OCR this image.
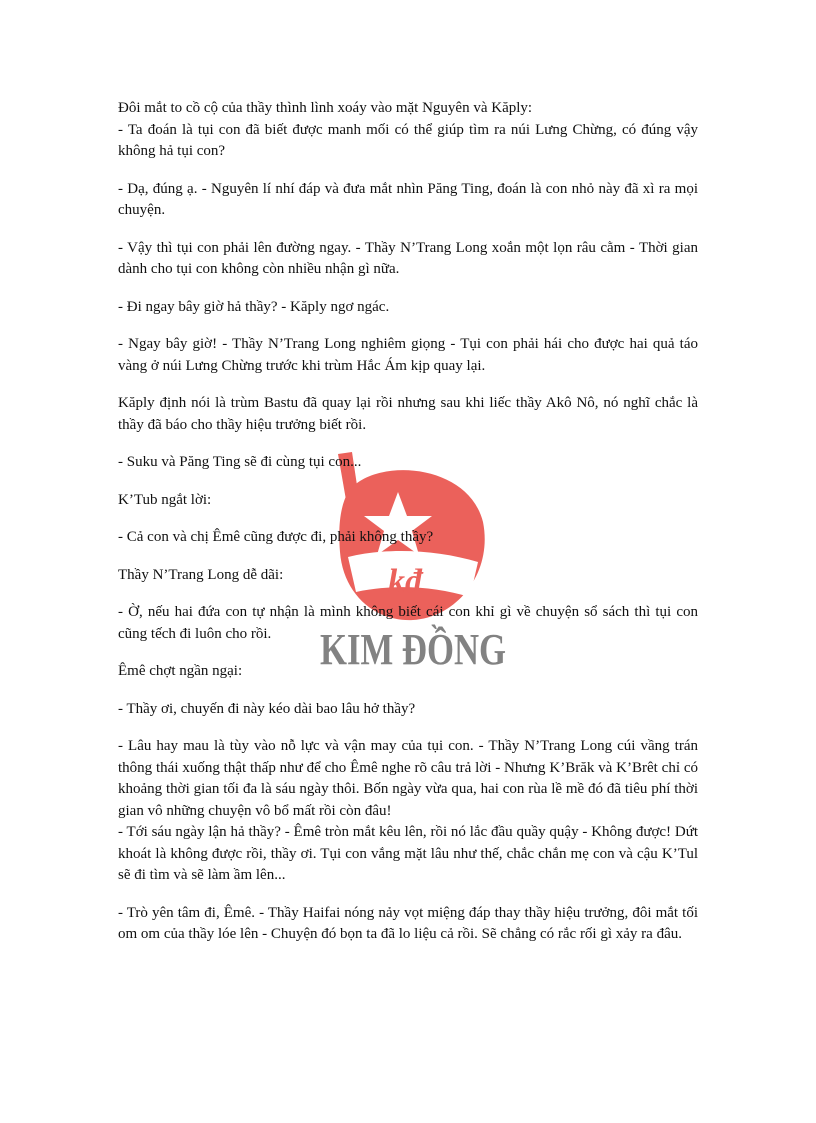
kđ
KIM ĐỒNG

Đôi mắt to cồ cộ của thầy thình lình xoáy vào mặt Nguyên và Kăply:

- Ta đoán là tụi con đã biết được manh mối có thể giúp tìm ra núi Lưng Chừng, có đúng vậy không hả tụi con?

- Dạ, đúng ạ. - Nguyên lí nhí đáp và đưa mắt nhìn Păng Ting, đoán là con nhỏ này đã xì ra mọi chuyện.

- Vậy thì tụi con phải lên đường ngay. - Thầy N’Trang Long xoắn một lọn râu cằm - Thời gian dành cho tụi con không còn nhiều nhận gì nữa.

- Đi ngay bây giờ hả thầy? - Kăply ngơ ngác.

- Ngay bây giờ! - Thầy N’Trang Long nghiêm giọng - Tụi con phải hái cho được hai quả táo vàng ở núi Lưng Chừng trước khi trùm Hắc Ám kịp quay lại.

Kăply định nói là trùm Bastu đã quay lại rồi nhưng sau khi liếc thầy Akô Nô, nó nghĩ chắc là thầy đã báo cho thầy hiệu trưởng biết rồi.

- Suku và Păng Ting sẽ đi cùng tụi con...

K’Tub ngắt lời:

- Cả con và chị Êmê cũng được đi, phải không thầy?

Thầy N’Trang Long dễ dãi:

- Ờ, nếu hai đứa con tự nhận là mình không biết cái con khỉ gì về chuyện sổ sách thì tụi con cũng tếch đi luôn cho rồi.

Êmê chợt ngần ngại:

- Thầy ơi, chuyến đi này kéo dài bao lâu hở thầy?

- Lâu hay mau là tùy vào nỗ lực và vận may của tụi con. - Thầy N’Trang Long cúi vầng trán thông thái xuống thật thấp như để cho Êmê nghe rõ câu trả lời - Nhưng K’Brăk và K’Brêt chỉ có khoảng thời gian tối đa là sáu ngày thôi. Bốn ngày vừa qua, hai con rùa lề mề đó đã tiêu phí thời gian vô những chuyện vô bổ mất rồi còn đâu!

- Tới sáu ngày lận hả thầy? - Êmê tròn mắt kêu lên, rồi nó lắc đầu quầy quậy - Không được! Dứt khoát là không được rồi, thầy ơi. Tụi con vắng mặt lâu như thế, chắc chắn mẹ con và cậu K’Tul sẽ đi tìm và sẽ làm ầm lên...

- Trò yên tâm đi, Êmê. - Thầy Haifai nóng nảy vọt miệng đáp thay thầy hiệu trưởng, đôi mắt tối om om của thầy lóe lên - Chuyện đó bọn ta đã lo liệu cả rồi. Sẽ chẳng có rắc rối gì xảy ra đâu.
